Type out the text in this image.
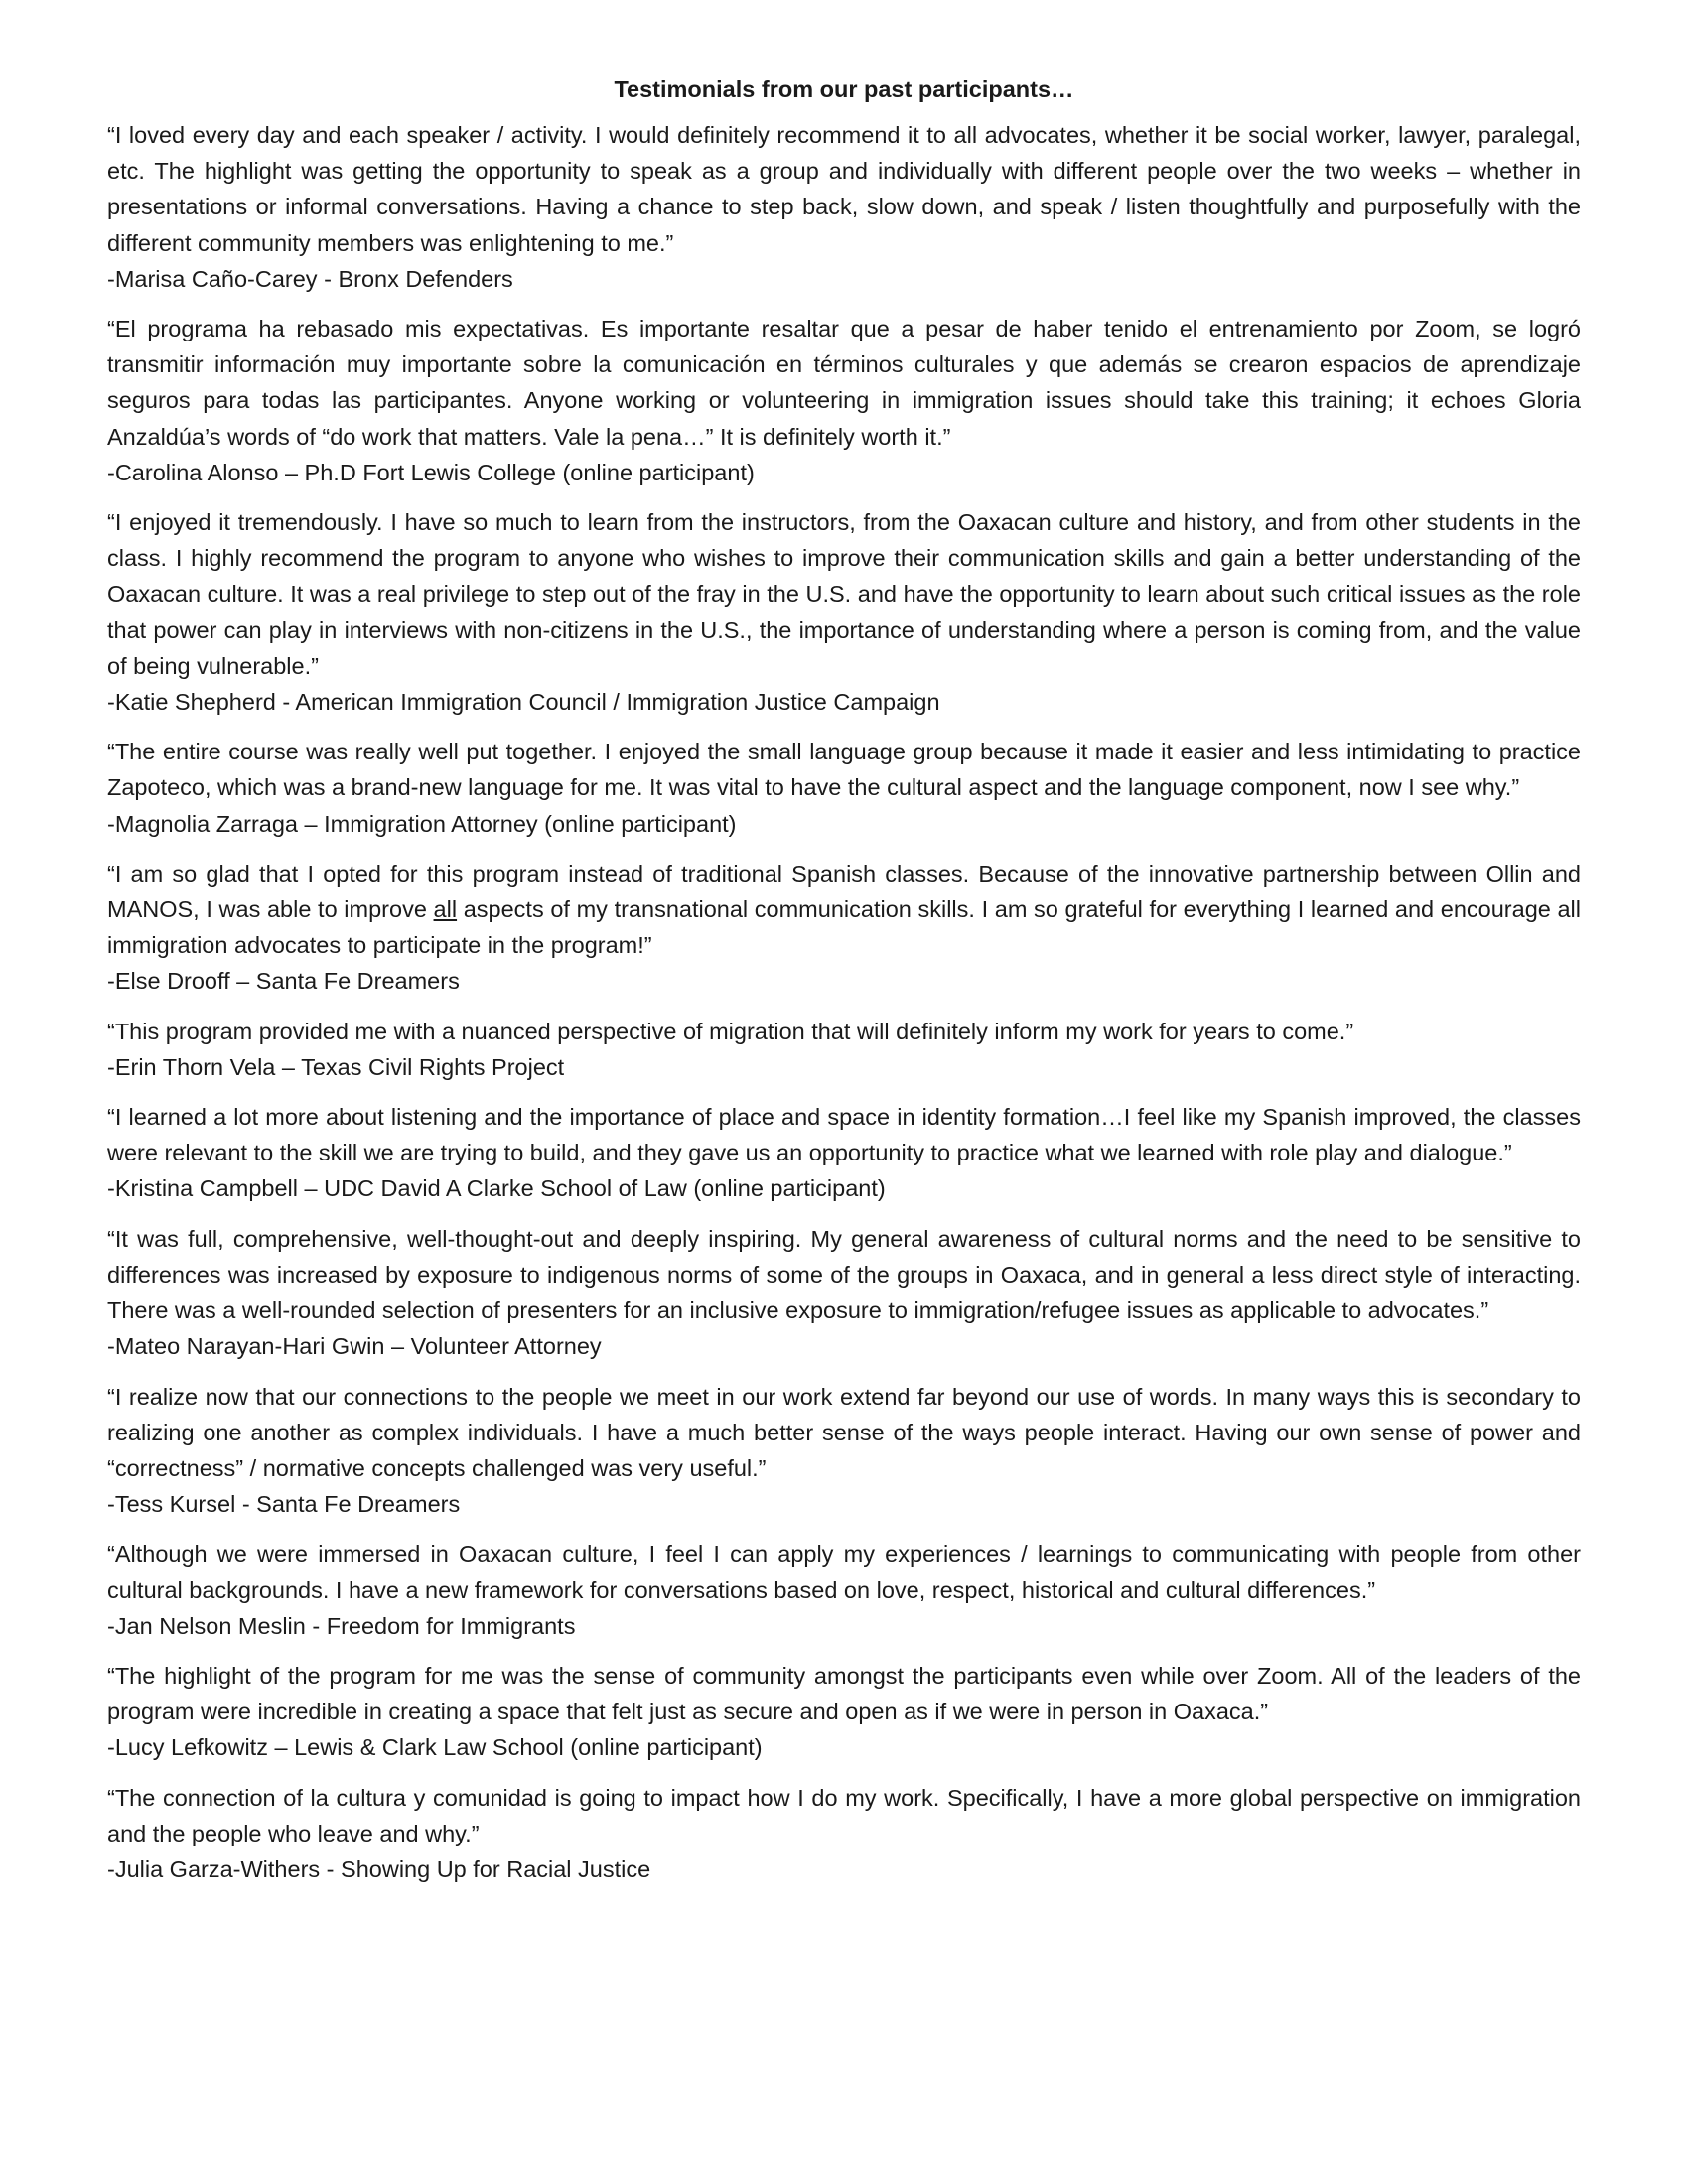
Testimonials from our past participants…

“I loved every day and each speaker / activity. I would definitely recommend it to all advocates, whether it be social worker, lawyer, paralegal, etc. The highlight was getting the opportunity to speak as a group and individually with different people over the two weeks – whether in presentations or informal conversations. Having a chance to step back, slow down, and speak / listen thoughtfully and purposefully with the different community members was enlightening to me.”

-Marisa Caño-Carey - Bronx Defenders

“El programa ha rebasado mis expectativas. Es importante resaltar que a pesar de haber tenido el entrenamiento por Zoom, se logró transmitir información muy importante sobre la comunicación en términos culturales y que además se crearon espacios de aprendizaje seguros para todas las participantes. Anyone working or volunteering in immigration issues should take this training; it echoes Gloria Anzaldúa’s words of “do work that matters. Vale la pena…” It is definitely worth it.”

-Carolina Alonso – Ph.D Fort Lewis College (online participant)

“I enjoyed it tremendously. I have so much to learn from the instructors, from the Oaxacan culture and history, and from other students in the class. I highly recommend the program to anyone who wishes to improve their communication skills and gain a better understanding of the Oaxacan culture. It was a real privilege to step out of the fray in the U.S. and have the opportunity to learn about such critical issues as the role that power can play in interviews with non-citizens in the U.S., the importance of understanding where a person is coming from, and the value of being vulnerable.”

-Katie Shepherd - American Immigration Council / Immigration Justice Campaign

“The entire course was really well put together. I enjoyed the small language group because it made it easier and less intimidating to practice Zapoteco, which was a brand-new language for me. It was vital to have the cultural aspect and the language component, now I see why.”

-Magnolia Zarraga – Immigration Attorney (online participant)

“I am so glad that I opted for this program instead of traditional Spanish classes. Because of the innovative partnership between Ollin and MANOS, I was able to improve all aspects of my transnational communication skills. I am so grateful for everything I learned and encourage all immigration advocates to participate in the program!”

-Else Drooff – Santa Fe Dreamers

“This program provided me with a nuanced perspective of migration that will definitely inform my work for years to come.”

-Erin Thorn Vela – Texas Civil Rights Project

“I learned a lot more about listening and the importance of place and space in identity formation…I feel like my Spanish improved, the classes were relevant to the skill we are trying to build, and they gave us an opportunity to practice what we learned with role play and dialogue.”

-Kristina Campbell – UDC David A Clarke School of Law (online participant)

“It was full, comprehensive, well-thought-out and deeply inspiring. My general awareness of cultural norms and the need to be sensitive to differences was increased by exposure to indigenous norms of some of the groups in Oaxaca, and in general a less direct style of interacting. There was a well-rounded selection of presenters for an inclusive exposure to immigration/refugee issues as applicable to advocates.”

-Mateo Narayan-Hari Gwin – Volunteer Attorney

“I realize now that our connections to the people we meet in our work extend far beyond our use of words. In many ways this is secondary to realizing one another as complex individuals. I have a much better sense of the ways people interact. Having our own sense of power and “correctness” / normative concepts challenged was very useful.”

-Tess Kursel - Santa Fe Dreamers

“Although we were immersed in Oaxacan culture, I feel I can apply my experiences / learnings to communicating with people from other cultural backgrounds. I have a new framework for conversations based on love, respect, historical and cultural differences.”

-Jan Nelson Meslin - Freedom for Immigrants

“The highlight of the program for me was the sense of community amongst the participants even while over Zoom. All of the leaders of the program were incredible in creating a space that felt just as secure and open as if we were in person in Oaxaca.”

-Lucy Lefkowitz – Lewis & Clark Law School (online participant)

“The connection of la cultura y comunidad is going to impact how I do my work. Specifically, I have a more global perspective on immigration and the people who leave and why.”

-Julia Garza-Withers - Showing Up for Racial Justice
